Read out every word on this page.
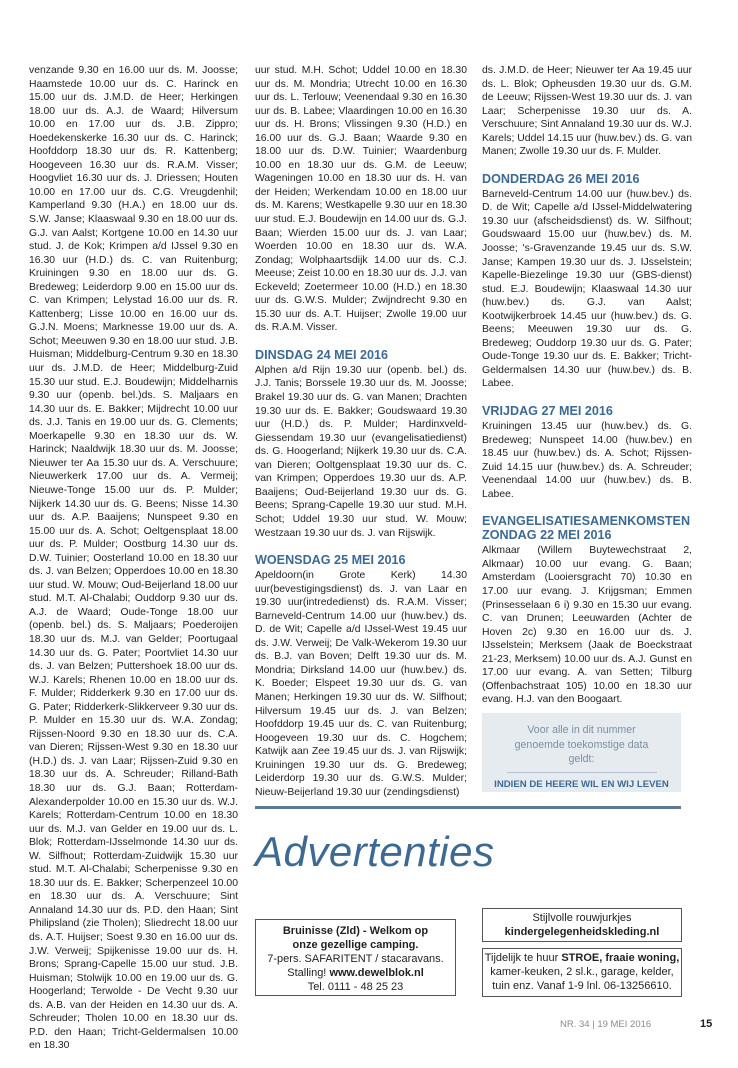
venzande 9.30 en 16.00 uur ds. M. Joosse; Haamstede 10.00 uur ds. C. Harinck en 15.00 uur ds. J.M.D. de Heer; Herkingen 18.00 uur ds. A.J. de Waard; Hilversum 10.00 en 17.00 uur ds. J.B. Zippro; Hoedekenskerke 16.30 uur ds. C. Harinck; Hoofddorp 18.30 uur ds. R. Kattenberg; Hoogeveen 16.30 uur ds. R.A.M. Visser; Hoogvliet 16.30 uur ds. J. Driessen; Houten 10.00 en 17.00 uur ds. C.G. Vreugdenhil; Kamperland 9.30 (H.A.) en 18.00 uur ds. S.W. Janse; Klaaswaal 9.30 en 18.00 uur ds. G.J. van Aalst; Kortgene 10.00 en 14.30 uur stud. J. de Kok; Krimpen a/d IJssel 9.30 en 16.30 uur (H.D.) ds. C. van Ruitenburg; Kruiningen 9.30 en 18.00 uur ds. G. Bredeweg; Leiderdorp 9.00 en 15.00 uur ds. C. van Krimpen; Lelystad 16.00 uur ds. R. Kattenberg; Lisse 10.00 en 16.00 uur ds. G.J.N. Moens; Marknesse 19.00 uur ds. A. Schot; Meeuwen 9.30 en 18.00 uur stud. J.B. Huisman; Middelburg-Centrum 9.30 en 18.30 uur ds. J.M.D. de Heer; Middelburg-Zuid 15.30 uur stud. E.J. Boudewijn; Middelharnis 9.30 uur (openb. bel.)ds. S. Maljaars en 14.30 uur ds. E. Bakker; Mijdrecht 10.00 uur ds. J.J. Tanis en 19.00 uur ds. G. Clements; Moerkapelle 9.30 en 18.30 uur ds. W. Harinck; Naaldwijk 18.30 uur ds. M. Joosse; Nieuwer ter Aa 15.30 uur ds. A. Verschuure; Nieuwerkerk 17.00 uur ds. A. Vermeij; Nieuwe-Tonge 15.00 uur ds. P. Mulder; Nijkerk 14.30 uur ds. G. Beens; Nisse 14.30 uur ds. A.P. Baaijens; Nunspeet 9.30 en 15.00 uur ds. A. Schot; Oeltgensplaat 18.00 uur ds. P. Mulder; Oostburg 14.30 uur ds. D.W. Tuinier; Oosterland 10.00 en 18.30 uur ds. J. van Belzen; Opperdoes 10.00 en 18.30 uur stud. W. Mouw; Oud-Beijerland 18.00 uur stud. M.T. Al-Chalabi; Ouddorp 9.30 uur ds. A.J. de Waard; Oude-Tonge 18.00 uur (openb. bel.) ds. S. Maljaars; Poederoijen 18.30 uur ds. M.J. van Gelder; Poortugaal 14.30 uur ds. G. Pater; Poortvliet 14.30 uur ds. J. van Belzen; Puttershoek 18.00 uur ds. W.J. Karels; Rhenen 10.00 en 18.00 uur ds. F. Mulder; Ridderkerk 9.30 en 17.00 uur ds. G. Pater; Ridderkerk-Slikkerveer 9.30 uur ds. P. Mulder en 15.30 uur ds. W.A. Zondag; Rijssen-Noord 9.30 en 18.30 uur ds. C.A. van Dieren; Rijssen-West 9.30 en 18.30 uur (H.D.) ds. J. van Laar; Rijssen-Zuid 9.30 en 18.30 uur ds. A. Schreuder; Rilland-Bath 18.30 uur ds. G.J. Baan; Rotterdam-Alexanderpolder 10.00 en 15.30 uur ds. W.J. Karels; Rotterdam-Centrum 10.00 en 18.30 uur ds. M.J. van Gelder en 19.00 uur ds. L. Blok; Rotterdam-IJsselmonde 14.30 uur ds. W. Silfhout; Rotterdam-Zuidwijk 15.30 uur stud. M.T. Al-Chalabi; Scherpenisse 9.30 en 18.30 uur ds. E. Bakker; Scherpenzeel 10.00 en 18.30 uur ds. A. Verschuure; Sint Annaland 14.30 uur ds. P.D. den Haan; Sint Philipsland (zie Tholen); Sliedrecht 18.00 uur ds. A.T. Huijser; Soest 9.30 en 16.00 uur ds. J.W. Verweij; Spijkenisse 19.00 uur ds. H. Brons; Sprang-Capelle 15.00 uur stud. J.B. Huisman; Stolwijk 10.00 en 19.00 uur ds. G. Hoogerland; Terwolde - De Vecht 9.30 uur ds. A.B. van der Heiden en 14.30 uur ds. A. Schreuder; Tholen 10.00 en 18.30 uur ds. P.D. den Haan; Tricht-Geldermalsen 10.00 en 18.30

uur stud. M.H. Schot; Uddel 10.00 en 18.30 uur ds. M. Mondria; Utrecht 10.00 en 16.30 uur ds. L. Terlouw; Veenendaal 9.30 en 16.30 uur ds. B. Labee; Vlaardingen 10.00 en 16.30 uur ds. H. Brons; Vlissingen 9.30 (H.D.) en 16.00 uur ds. G.J. Baan; Waarde 9.30 en 18.00 uur ds. D.W. Tuinier; Waardenburg 10.00 en 18.30 uur ds. G.M. de Leeuw; Wageningen 10.00 en 18.30 uur ds. H. van der Heiden; Werkendam 10.00 en 18.00 uur ds. M. Karens; Westkapelle 9.30 uur en 18.30 uur stud. E.J. Boudewijn en 14.00 uur ds. G.J. Baan; Wierden 15.00 uur ds. J. van Laar; Woerden 10.00 en 18.30 uur ds. W.A. Zondag; Wolphaartsdijk 14.00 uur ds. C.J. Meeuse; Zeist 10.00 en 18.30 uur ds. J.J. van Eckeveld; Zoetermeer 10.00 (H.D.) en 18.30 uur ds. G.W.S. Mulder; Zwijndrecht 9.30 en 15.30 uur ds. A.T. Huijser; Zwolle 19.00 uur ds. R.A.M. Visser.

DINSDAG 24 MEI 2016

Alphen a/d Rijn 19.30 uur (openb. bel.) ds. J.J. Tanis; Borssele 19.30 uur ds. M. Joosse; Brakel 19.30 uur ds. G. van Manen; Drachten 19.30 uur ds. E. Bakker; Goudswaard 19.30 uur (H.D.) ds. P. Mulder; Hardinxveld-Giessendam 19.30 uur (evangelisatiedienst) ds. G. Hoogerland; Nijkerk 19.30 uur ds. C.A. van Dieren; Ooltgensplaat 19.30 uur ds. C. van Krimpen; Opperdoes 19.30 uur ds. A.P. Baaijens; Oud-Beijerland 19.30 uur ds. G. Beens; Sprang-Capelle 19.30 uur stud. M.H. Schot; Uddel 19.30 uur stud. W. Mouw; Westzaan 19.30 uur ds. J. van Rijswijk.

WOENSDAG 25 MEI 2016

Apeldoorn(in Grote Kerk) 14.30 uur(bevestigingsdienst) ds. J. van Laar en 19.30 uur(intrededienst) ds. R.A.M. Visser; Barneveld-Centrum 14.00 uur (huw.bev.) ds. D. de Wit; Capelle a/d IJssel-West 19.45 uur ds. J.W. Verweij; De Valk-Wekerom 19.30 uur ds. B.J. van Boven; Delft 19.30 uur ds. M. Mondria; Dirksland 14.00 uur (huw.bev.) ds. K. Boeder; Elspeet 19.30 uur ds. G. van Manen; Herkingen 19.30 uur ds. W. Silfhout; Hilversum 19.45 uur ds. J. van Belzen; Hoofddorp 19.45 uur ds. C. van Ruitenburg; Hoogeveen 19.30 uur ds. C. Hogchem; Katwijk aan Zee 19.45 uur ds. J. van Rijswijk; Kruiningen 19.30 uur ds. G. Bredeweg; Leiderdorp 19.30 uur ds. G.W.S. Mulder; Nieuw-Beijerland 19.30 uur (zendingsdienst)

ds. J.M.D. de Heer; Nieuwer ter Aa 19.45 uur ds. L. Blok; Opheusden 19.30 uur ds. G.M. de Leeuw; Rijssen-West 19.30 uur ds. J. van Laar; Scherpenisse 19.30 uur ds. A. Verschuure; Sint Annaland 19.30 uur ds. W.J. Karels; Uddel 14.15 uur (huw.bev.) ds. G. van Manen; Zwolle 19.30 uur ds. F. Mulder.

DONDERDAG 26 MEI 2016

Barneveld-Centrum 14.00 uur (huw.bev.) ds. D. de Wit; Capelle a/d IJssel-Middelwatering 19.30 uur (afscheidsdienst) ds. W. Silfhout; Goudswaard 15.00 uur (huw.bev.) ds. M. Joosse; 's-Gravenzande 19.45 uur ds. S.W. Janse; Kampen 19.30 uur ds. J. IJsselstein; Kapelle-Biezelinge 19.30 uur (GBS-dienst) stud. E.J. Boudewijn; Klaaswaal 14.30 uur (huw.bev.) ds. G.J. van Aalst; Kootwijkerbroek 14.45 uur (huw.bev.) ds. G. Beens; Meeuwen 19.30 uur ds. G. Bredeweg; Ouddorp 19.30 uur ds. G. Pater; Oude-Tonge 19.30 uur ds. E. Bakker; Tricht-Geldermalsen 14.30 uur (huw.bev.) ds. B. Labee.

VRIJDAG 27 MEI 2016

Kruiningen 13.45 uur (huw.bev.) ds. G. Bredeweg; Nunspeet 14.00 (huw.bev.) en 18.45 uur (huw.bev.) ds. A. Schot; Rijssen-Zuid 14.15 uur (huw.bev.) ds. A. Schreuder; Veenendaal 14.00 uur (huw.bev.) ds. B. Labee.

EVANGELISATIESAMENKOMSTEN
ZONDAG 22 MEI 2016

Alkmaar (Willem Buytewechstraat 2, Alkmaar) 10.00 uur evang. G. Baan; Amsterdam (Looiersgracht 70) 10.30 en 17.00 uur evang. J. Krijgsman; Emmen (Prinsesselaan 6 i) 9.30 en 15.30 uur evang. C. van Drunen; Leeuwarden (Achter de Hoven 2c) 9.30 en 16.00 uur ds. J. IJsselstein; Merksem (Jaak de Boeckstraat 21-23, Merksem) 10.00 uur ds. A.J. Gunst en 17.00 uur evang. A. van Setten; Tilburg (Offenbachstraat 105) 10.00 en 18.30 uur evang. H.J. van den Boogaart.

Voor alle in dit nummer genoemde toekomstige data geldt:
INDIEN DE HEERE WIL EN WIJ LEVEN
Advertenties
Bruinisse (Zld) - Welkom op onze gezellige camping.
7-pers. SAFARITENT / stacaravans.
Stalling! www.dewelblok.nl
Tel. 0111 - 48 25 23
Stijlvolle rouwjurkjes
kindergelegenheidskleding.nl
Tijdelijk te huur STROE, fraaie woning, kamer-keuken, 2 sl.k., garage, kelder, tuin enz. Vanaf 1-9 lnl. 06-13256610.
NR. 34 | 19 MEI 2016	15
